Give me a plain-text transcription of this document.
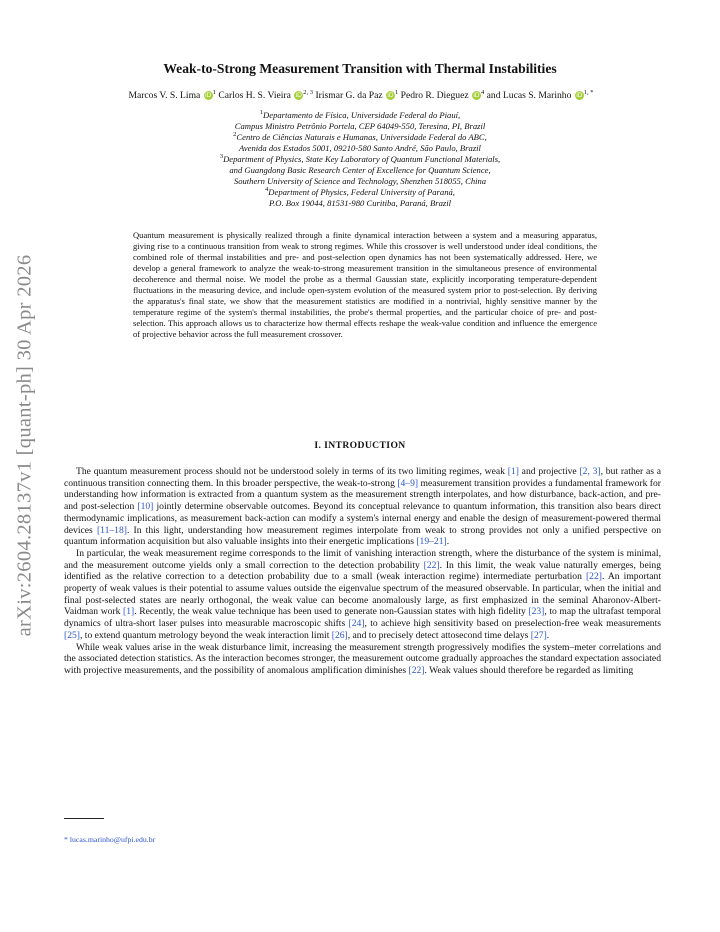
arXiv:2604.28137v1 [quant-ph] 30 Apr 2026
Weak-to-Strong Measurement Transition with Thermal Instabilities
Marcos V. S. Lima $iD^1$ Carlos H. S. Vieira iD$^{2, 3}$ Irismar G. da Paz $iD^1$ Pedro R. Dieguez $iD^4$ and Lucas S. Marinho $iD^{1, *}$
$^1$Departamento de Física, Universidade Federal do Piauí,
Campus Ministro Petrônio Portela, CEP 64049-550, Teresina, PI, Brazil
$^2$Centro de Ciências Naturais e Humanas, Universidade Federal do ABC,
Avenida dos Estados 5001, 09210-580 Santo André, São Paulo, Brazil
$^3$Department of Physics, State Key Laboratory of Quantum Functional Materials,
and Guangdong Basic Research Center of Excellence for Quantum Science,
Southern University of Science and Technology, Shenzhen 518055, China
$^4$Department of Physics, Federal University of Paraná,
P.O. Box 19044, 81531-980 Curitiba, Paraná, Brazil
Quantum measurement is physically realized through a finite dynamical interaction between a system and a measuring apparatus, giving rise to a continuous transition from weak to strong regimes. While this crossover is well understood under ideal conditions, the combined role of thermal instabilities and pre- and post-selection open dynamics has not been systematically addressed. Here, we develop a general framework to analyze the weak-to-strong measurement transition in the simultaneous presence of environmental decoherence and thermal noise. We model the probe as a thermal Gaussian state, explicitly incorporating temperature-dependent fluctuations in the measuring device, and include open-system evolution of the measured system prior to post-selection. By deriving the apparatus's final state, we show that the measurement statistics are modified in a nontrivial, highly sensitive manner by the temperature regime of the system's thermal instabilities, the probe's thermal properties, and the particular choice of pre- and post-selection. This approach allows us to characterize how thermal effects reshape the weak-value condition and influence the emergence of projective behavior across the full measurement crossover.
I. INTRODUCTION

The quantum measurement process should not be understood solely in terms of its two limiting regimes, weak [1] and projective [2, 3], but rather as a continuous transition connecting them. In this broader perspective, the weak-to-strong [4–9] measurement transition provides a fundamental framework for understanding how information is extracted from a quantum system as the measurement strength interpolates, and how disturbance, back-action, and pre- and post-selection [10] jointly determine observable outcomes. Beyond its conceptual relevance to quantum information, this transition also bears direct thermodynamic implications, as measurement back-action can modify a system's internal energy and enable the design of measurement-powered thermal devices [11–18]. In this light, understanding how measurement regimes interpolate from weak to strong provides not only a unified perspective on quantum information acquisition but also valuable insights into their energetic implications [19–21].

In particular, the weak measurement regime corresponds to the limit of vanishing interaction strength, where the disturbance of the system is minimal, and the measurement outcome yields only a small correction to the detection probability [22]. In this limit, the weak value naturally emerges, being identified as the relative correction to a detection probability due to a small (weak interaction regime) intermediate perturbation [22]. An important property of weak values is their potential to assume values outside the eigenvalue spectrum of the measured observable. In particular, when the initial and final post-selected states are nearly orthogonal, the weak value can become anomalously large, as first emphasized in the seminal Aharonov-Albert-Vaidman work [1]. Recently, the weak value technique has been used to generate non-Gaussian states with high fidelity [23], to map the ultrafast temporal dynamics of ultra-short laser pulses into measurable macroscopic shifts [24], to achieve high sensitivity based on preselection-free weak measurements [25], to extend quantum metrology beyond the weak interaction limit [26], and to precisely detect attosecond time delays [27].

While weak values arise in the weak disturbance limit, increasing the measurement strength progressively modifies the system–meter correlations and the associated detection statistics. As the interaction becomes stronger, the measurement outcome gradually approaches the standard expectation associated with projective measurements, and the possibility of anomalous amplification diminishes [22]. Weak values should therefore be regarded as limiting

* lucas.marinho@ufpi.edu.br
